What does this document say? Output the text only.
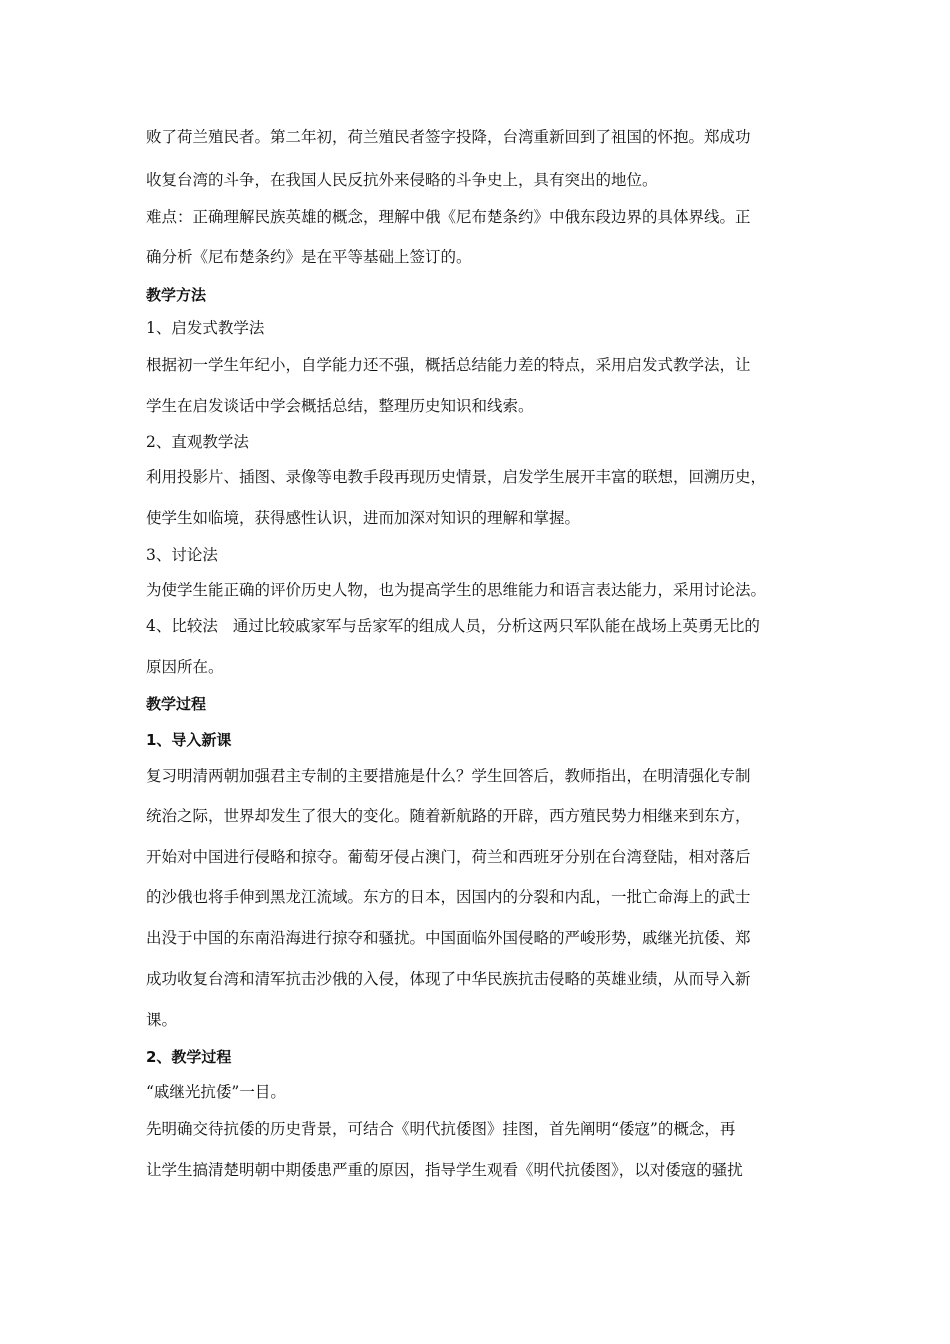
败了荷兰殖民者。第二年初，荷兰殖民者签字投降，台湾重新回到了祖国的怀抱。郑成功
收复台湾的斗争，在我国人民反抗外来侵略的斗争史上，具有突出的地位。
难点：正确理解民族英雄的概念，理解中俄《尼布楚条约》中俄东段边界的具体界线。正
确分析《尼布楚条约》是在平等基础上签订的。
教学方法
1、启发式教学法
根据初一学生年纪小，自学能力还不强，概括总结能力差的特点，采用启发式教学法，让
学生在启发谈话中学会概括总结，整理历史知识和线索。
2、直观教学法
利用投影片、插图、录像等电教手段再现历史情景，启发学生展开丰富的联想，回溯历史，
使学生如临境，获得感性认识，进而加深对知识的理解和掌握。
3、讨论法
为使学生能正确的评价历史人物，也为提高学生的思维能力和语言表达能力，采用讨论法。
4、比较法 通过比较戚家军与岳家军的组成人员，分析这两只军队能在战场上英勇无比的
原因所在。
教学过程
1、导入新课
复习明清两朝加强君主专制的主要措施是什么？学生回答后，教师指出，在明清强化专制
统治之际，世界却发生了很大的变化。随着新航路的开辟，西方殖民势力相继来到东方，
开始对中国进行侵略和掠夺。葡萄牙侵占澳门，荷兰和西班牙分别在台湾登陆，相对落后
的沙俄也将手伸到黑龙江流域。东方的日本，因国内的分裂和内乱，一批亡命海上的武士
出没于中国的东南沿海进行掠夺和骚扰。中国面临外国侵略的严峻形势，戚继光抗倭、郑
成功收复台湾和清军抗击沙俄的入侵，体现了中华民族抗击侵略的英雄业绩，从而导入新
课。
2、教学过程
“戚继光抗倭”一目。
先明确交待抗倭的历史背景，可结合《明代抗倭图》挂图，首先阐明“倭寇”的概念，再
让学生搞清楚明朝中期倭患严重的原因，指导学生观看《明代抗倭图》，以对倭寇的骚扰
